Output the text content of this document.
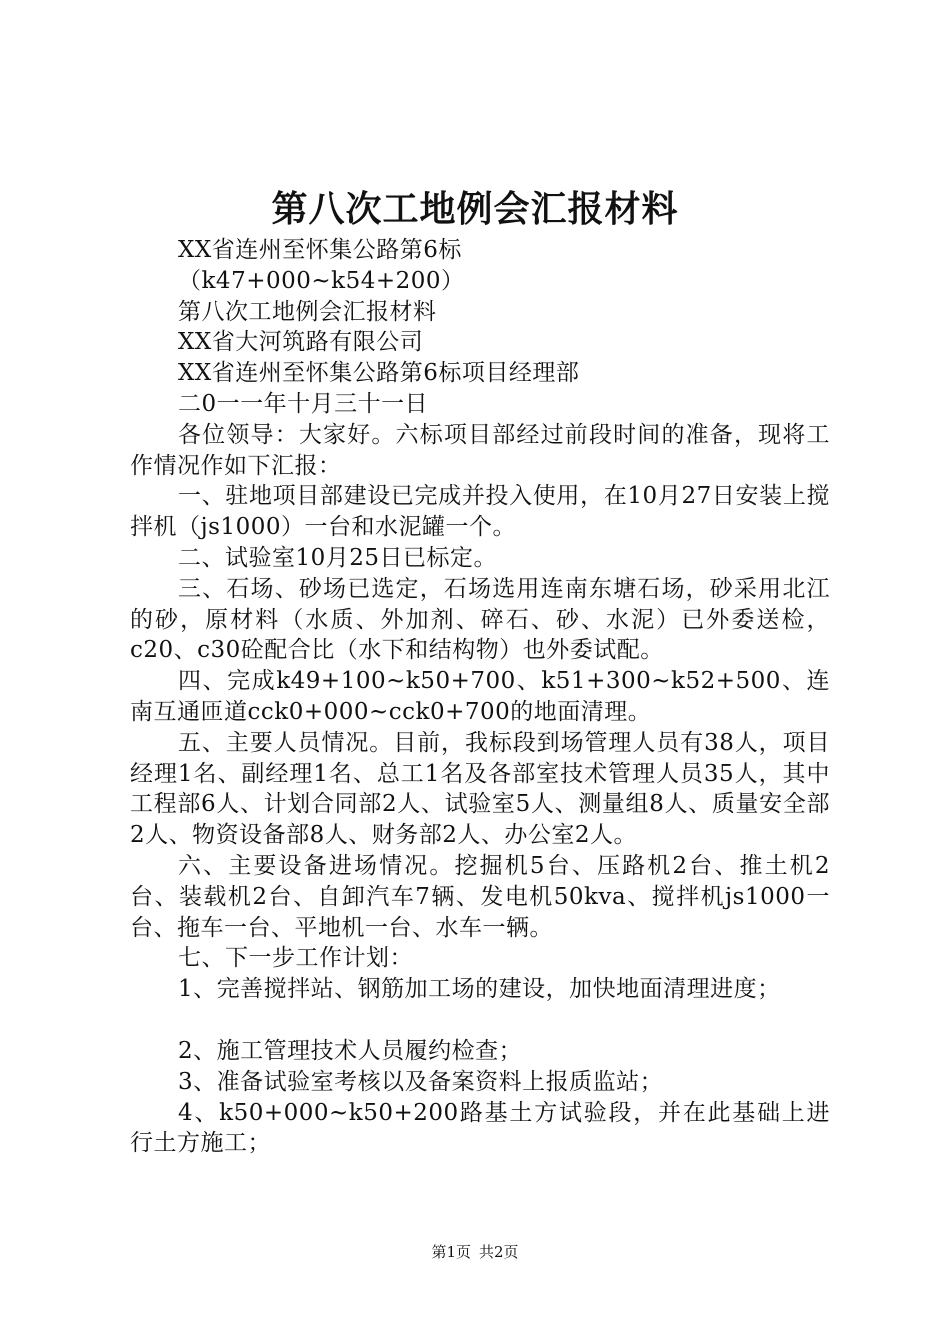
第八次工地例会汇报材料
XX省连州至怀集公路第6标
（k47+000~k54+200）
第八次工地例会汇报材料
XX省大河筑路有限公司
XX省连州至怀集公路第6标项目经理部
二0一一年十月三十一日

各位领导：大家好。六标项目部经过前段时间的准备，现将工作情况作如下汇报：

一、驻地项目部建设已完成并投入使用，在10月27日安装上搅拌机（js1000）一台和水泥罐一个。

二、试验室10月25日已标定。

三、石场、砂场已选定，石场选用连南东塘石场，砂采用北江的砂，原材料（水质、外加剂、碎石、砂、水泥）已外委送检，c20、c30砼配合比（水下和结构物）也外委试配。

四、完成k49+100~k50+700、k51+300~k52+500、连南互通匝道cck0+000~cck0+700的地面清理。

五、主要人员情况。目前，我标段到场管理人员有38人，项目经理1名、副经理1名、总工1名及各部室技术管理人员35人，其中工程部6人、计划合同部2人、试验室5人、测量组8人、质量安全部2人、物资设备部8人、财务部2人、办公室2人。

六、主要设备进场情况。挖掘机5台、压路机2台、推土机2台、装载机2台、自卸汽车7辆、发电机50kva、搅拌机js1000一台、拖车一台、平地机一台、水车一辆。

七、下一步工作计划：

1、完善搅拌站、钢筋加工场的建设，加快地面清理进度；

2、施工管理技术人员履约检查；

3、准备试验室考核以及备案资料上报质监站；

4、k50+000~k50+200路基土方试验段，并在此基础上进行土方施工；

第1页 共2页
